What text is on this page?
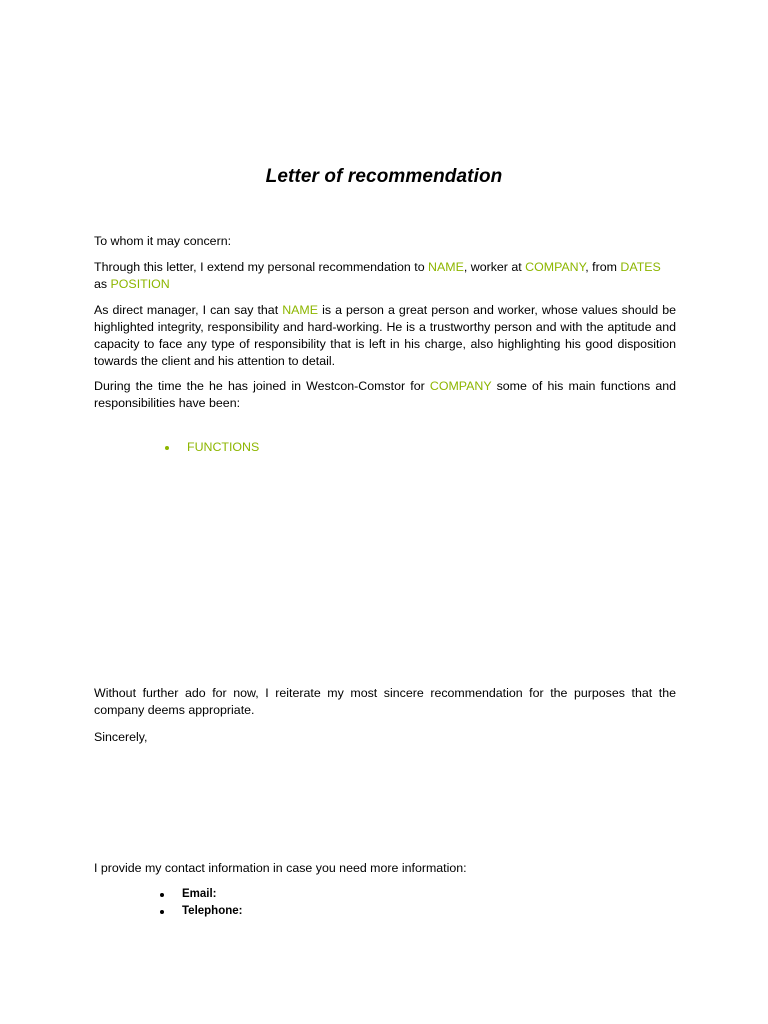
Letter of recommendation

To whom it may concern:

Through this letter, I extend my personal recommendation to NAME, worker at COMPANY, from DATES
as POSITION

As direct manager, I can say that NAME is a person a great person and worker, whose values should be highlighted integrity, responsibility and hard-working. He is a trustworthy person and with the aptitude and capacity to face any type of responsibility that is left in his charge, also highlighting his good disposition towards the client and his attention to detail.

During the time the he has joined in Westcon-Comstor for COMPANY some of his main functions and responsibilities have been:

FUNCTIONS

Without further ado for now, I reiterate my most sincere recommendation for the purposes that the company deems appropriate.

Sincerely,

I provide my contact information in case you need more information:

Email:
Telephone:
